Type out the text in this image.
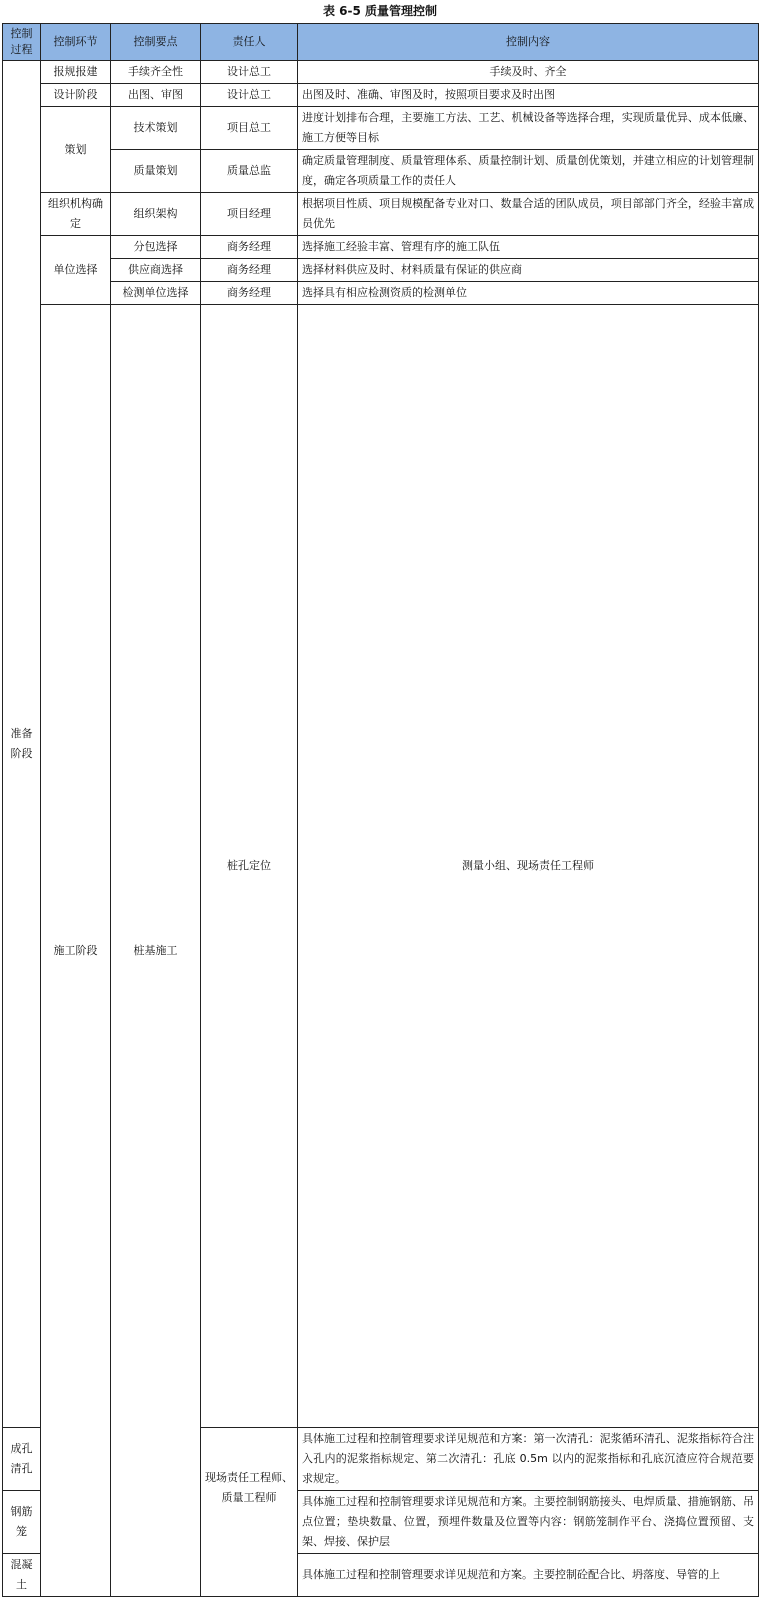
表 6-5 质量管理控制
控制过程	控制环节	控制要点	责任人	控制内容	
准备阶段	报规报建	手续齐全性	设计总工	手续及时、齐全	
	设计阶段	出图、审图	设计总工	出图及时、准确、审图及时，按照项目要求及时出图	
	策划	技术策划	项目总工	进度计划排布合理，主要施工方法、工艺、机械设备等选择合理，实现质量优异、成本低廉、施工方便等目标	
		质量策划	质量总监	确定质量管理制度、质量管理体系、质量控制计划、质量创优策划，并建立相应的计划管理制度，确定各项质量工作的责任人	
	组织机构确定	组织架构	项目经理	根据项目性质、项目规模配备专业对口、数量合适的团队成员，项目部部门齐全，经验丰富成员优先	
	单位选择	分包选择	商务经理	选择施工经验丰富、管理有序的施工队伍	
		供应商选择	商务经理	选择材料供应及时、材料质量有保证的供应商	
		检测单位选择	商务经理	选择具有相应检测资质的检测单位	
	施工阶段	桩基施工	桩孔定位	测量小组、现场责任工程师	
成孔清孔			现场责任工程师、质量工程师	具体施工过程和控制管理要求详见规范和方案：第一次清孔：泥浆循环清孔、泥浆指标符合注入孔内的泥浆指标规定、第二次清孔：孔底 0.5m 以内的泥浆指标和孔底沉渣应符合规范要求规定。	
钢筋笼				具体施工过程和控制管理要求详见规范和方案。主要控制钢筋接头、电焊质量、措施钢筋、吊点位置；垫块数量、位置，预埋件数量及位置等内容：钢筋笼制作平台、浇捣位置预留、支架、焊接、保护层	
混凝土				具体施工过程和控制管理要求详见规范和方案。主要控制砼配合比、坍落度、导管的上	
